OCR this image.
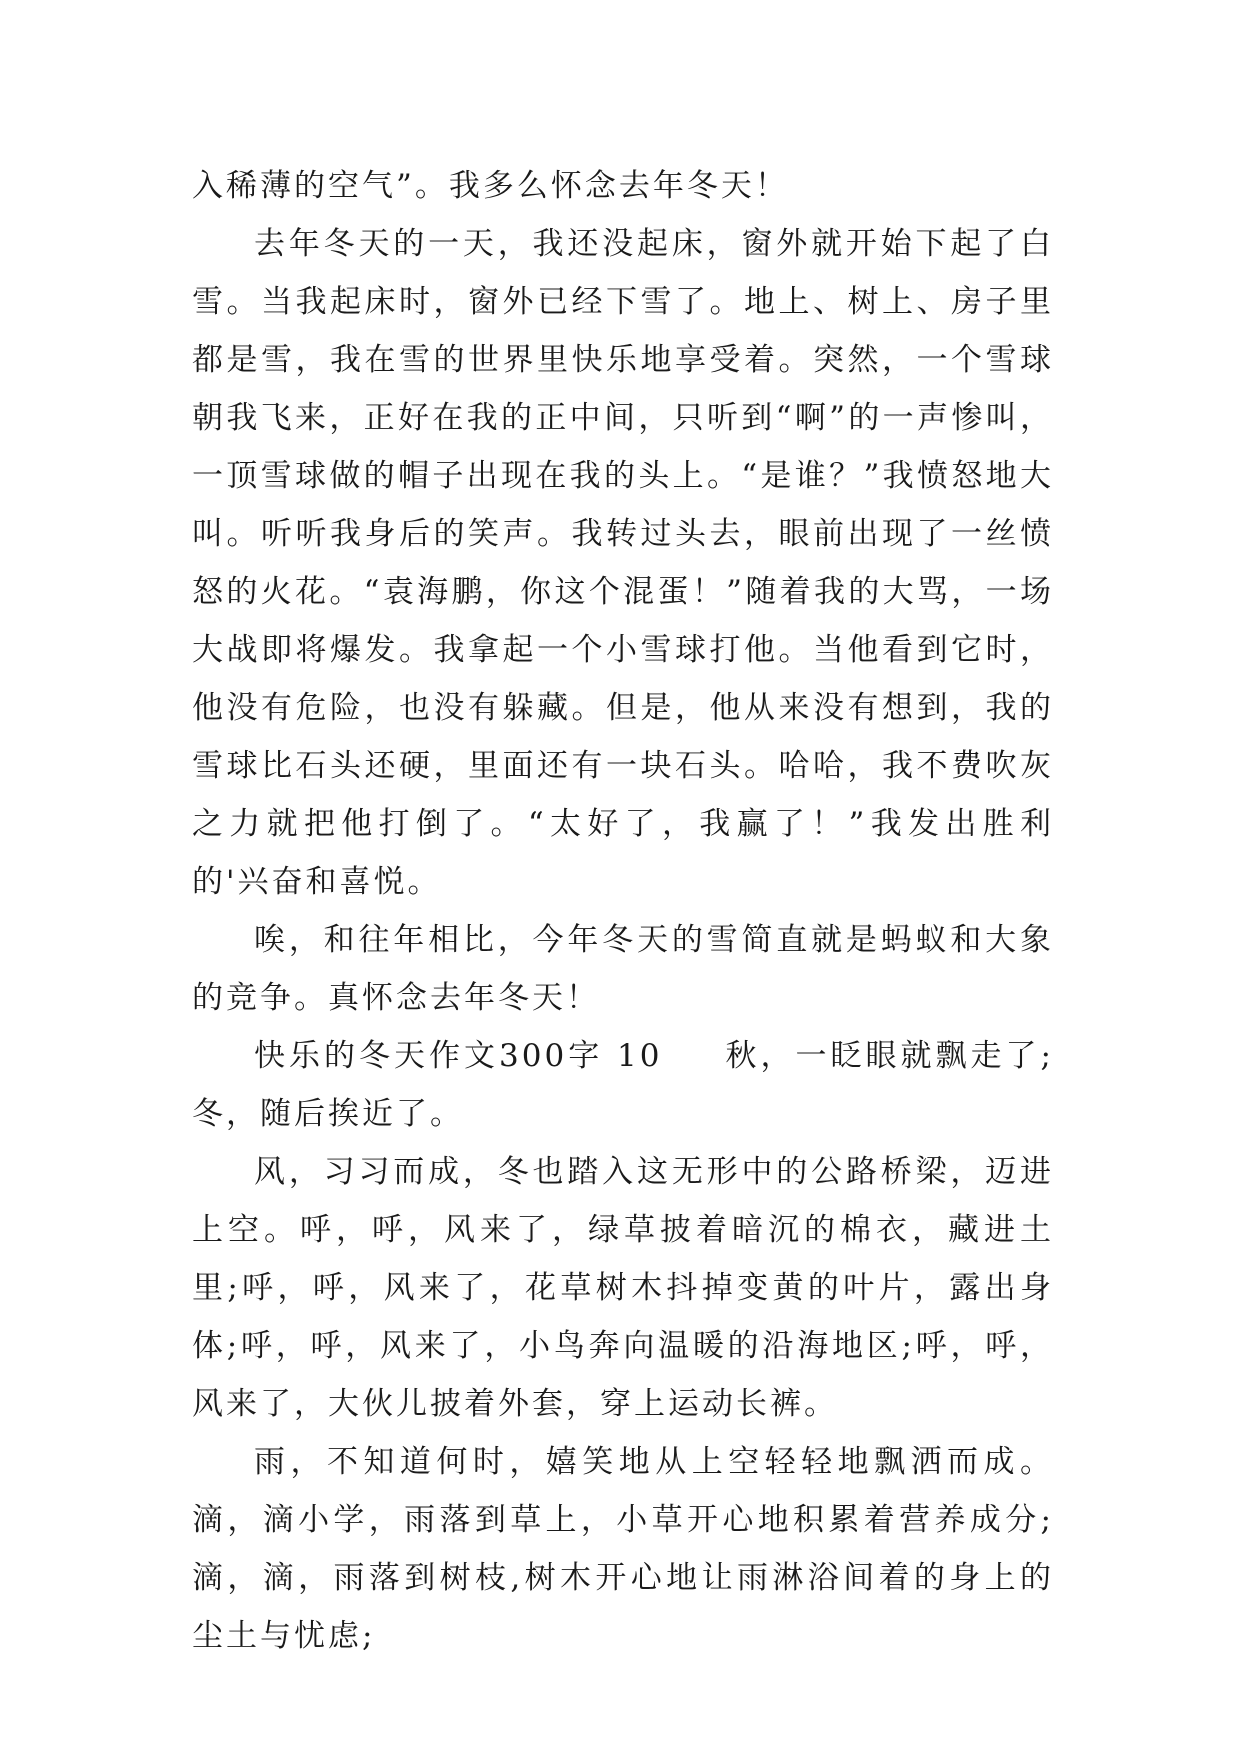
入稀薄的空气”。我多么怀念去年冬天！

去年冬天的一天，我还没起床，窗外就开始下起了白雪。当我起床时，窗外已经下雪了。地上、树上、房子里都是雪，我在雪的世界里快乐地享受着。突然，一个雪球朝我飞来，正好在我的正中间，只听到“啊”的一声惨叫，一顶雪球做的帽子出现在我的头上。“是谁？”我愤怒地大叫。听听我身后的笑声。我转过头去，眼前出现了一丝愤怒的火花。“袁海鹏，你这个混蛋！”随着我的大骂，一场大战即将爆发。我拿起一个小雪球打他。当他看到它时，他没有危险，也没有躲藏。但是，他从来没有想到，我的雪球比石头还硬，里面还有一块石头。哈哈，我不费吹灰之力就把他打倒了。“太好了，我赢了！”我发出胜利的'兴奋和喜悦。

唉，和往年相比，今年冬天的雪简直就是蚂蚁和大象的竞争。真怀念去年冬天！

快乐的冬天作文300字 10 秋，一眨眼就飘走了;冬，随后挨近了。

风，习习而成，冬也踏入这无形中的公路桥梁，迈进上空。呼，呼，风来了，绿草披着暗沉的棉衣，藏进土里;呼，呼，风来了，花草树木抖掉变黄的叶片，露出身体;呼，呼，风来了，小鸟奔向温暖的沿海地区;呼，呼，风来了，大伙儿披着外套，穿上运动长裤。

雨，不知道何时，嬉笑地从上空轻轻地飘洒而成。滴，滴小学，雨落到草上，小草开心地积累着营养成分;滴，滴，雨落到树枝,树木开心地让雨淋浴间着的身上的尘土与忧虑;
